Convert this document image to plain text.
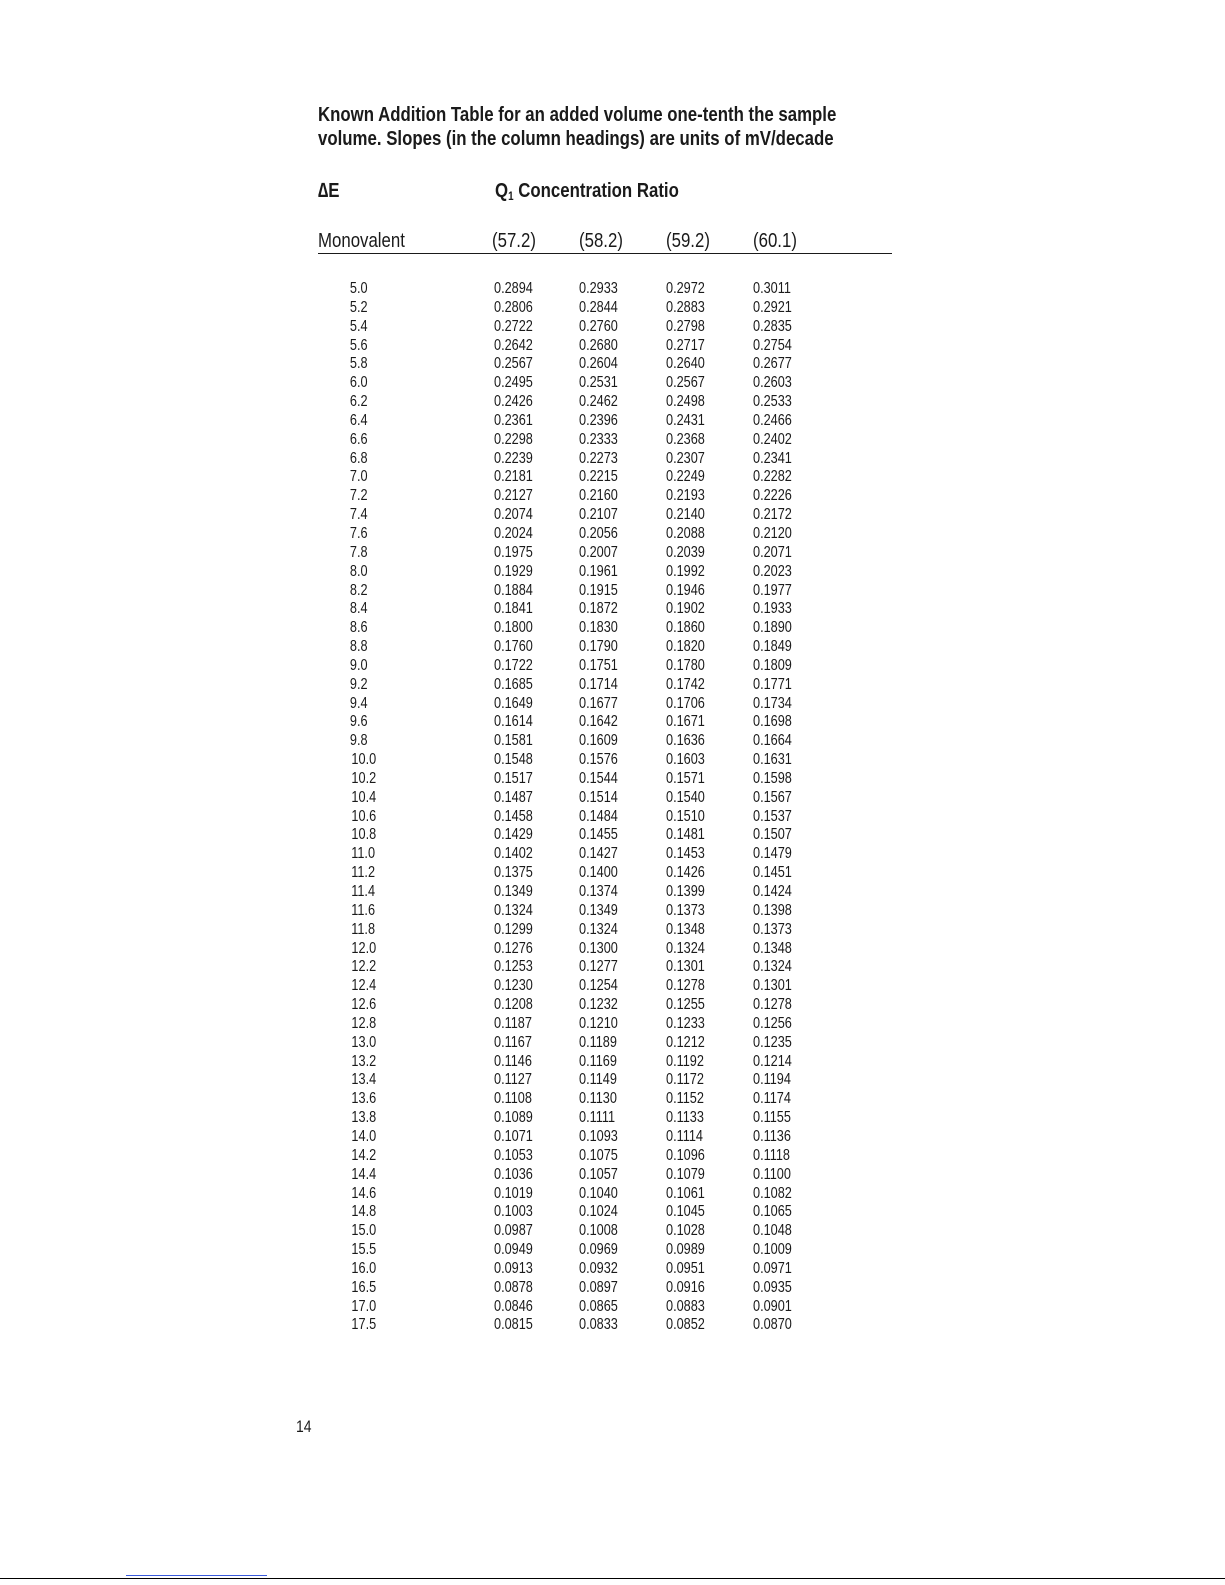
Known Addition Table for an added volume one-tenth the sample
volume. Slopes (in the column headings) are units of mV/decade
∆E	$Q_1$ Concentration Ratio
Monovalent	(57.2) (58.2) (59.2) (60.1)
5.0	0.2894	0.2933	0.2972	0.3011
5.2	0.2806	0.2844	0.2883	0.2921
5.4	0.2722	0.2760	0.2798	0.2835
5.6	0.2642	0.2680	0.2717	0.2754
5.8	0.2567	0.2604	0.2640	0.2677
6.0	0.2495	0.2531	0.2567	0.2603
6.2	0.2426	0.2462	0.2498	0.2533
6.4	0.2361	0.2396	0.2431	0.2466
6.6	0.2298	0.2333	0.2368	0.2402
6.8	0.2239	0.2273	0.2307	0.2341
7.0	0.2181	0.2215	0.2249	0.2282
7.2	0.2127	0.2160	0.2193	0.2226
7.4	0.2074	0.2107	0.2140	0.2172
7.6	0.2024	0.2056	0.2088	0.2120
7.8	0.1975	0.2007	0.2039	0.2071
8.0	0.1929	0.1961	0.1992	0.2023
8.2	0.1884	0.1915	0.1946	0.1977
8.4	0.1841	0.1872	0.1902	0.1933
8.6	0.1800	0.1830	0.1860	0.1890
8.8	0.1760	0.1790	0.1820	0.1849
9.0	0.1722	0.1751	0.1780	0.1809
9.2	0.1685	0.1714	0.1742	0.1771
9.4	0.1649	0.1677	0.1706	0.1734
9.6	0.1614	0.1642	0.1671	0.1698
9.8	0.1581	0.1609	0.1636	0.1664
10.0	0.1548	0.1576	0.1603	0.1631
10.2	0.1517	0.1544	0.1571	0.1598
10.4	0.1487	0.1514	0.1540	0.1567
10.6	0.1458	0.1484	0.1510	0.1537
10.8	0.1429	0.1455	0.1481	0.1507
11.0	0.1402	0.1427	0.1453	0.1479
11.2	0.1375	0.1400	0.1426	0.1451
11.4	0.1349	0.1374	0.1399	0.1424
11.6	0.1324	0.1349	0.1373	0.1398
11.8	0.1299	0.1324	0.1348	0.1373
12.0	0.1276	0.1300	0.1324	0.1348
12.2	0.1253	0.1277	0.1301	0.1324
12.4	0.1230	0.1254	0.1278	0.1301
12.6	0.1208	0.1232	0.1255	0.1278
12.8	0.1187	0.1210	0.1233	0.1256
13.0	0.1167	0.1189	0.1212	0.1235
13.2	0.1146	0.1169	0.1192	0.1214
13.4	0.1127	0.1149	0.1172	0.1194
13.6	0.1108	0.1130	0.1152	0.1174
13.8	0.1089	0.1111	0.1133	0.1155
14.0	0.1071	0.1093	0.1114	0.1136
14.2	0.1053	0.1075	0.1096	0.1118
14.4	0.1036	0.1057	0.1079	0.1100
14.6	0.1019	0.1040	0.1061	0.1082
14.8	0.1003	0.1024	0.1045	0.1065
15.0	0.0987	0.1008	0.1028	0.1048
15.5	0.0949	0.0969	0.0989	0.1009
16.0	0.0913	0.0932	0.0951	0.0971
16.5	0.0878	0.0897	0.0916	0.0935
17.0	0.0846	0.0865	0.0883	0.0901
17.5	0.0815	0.0833	0.0852	0.0870
14
